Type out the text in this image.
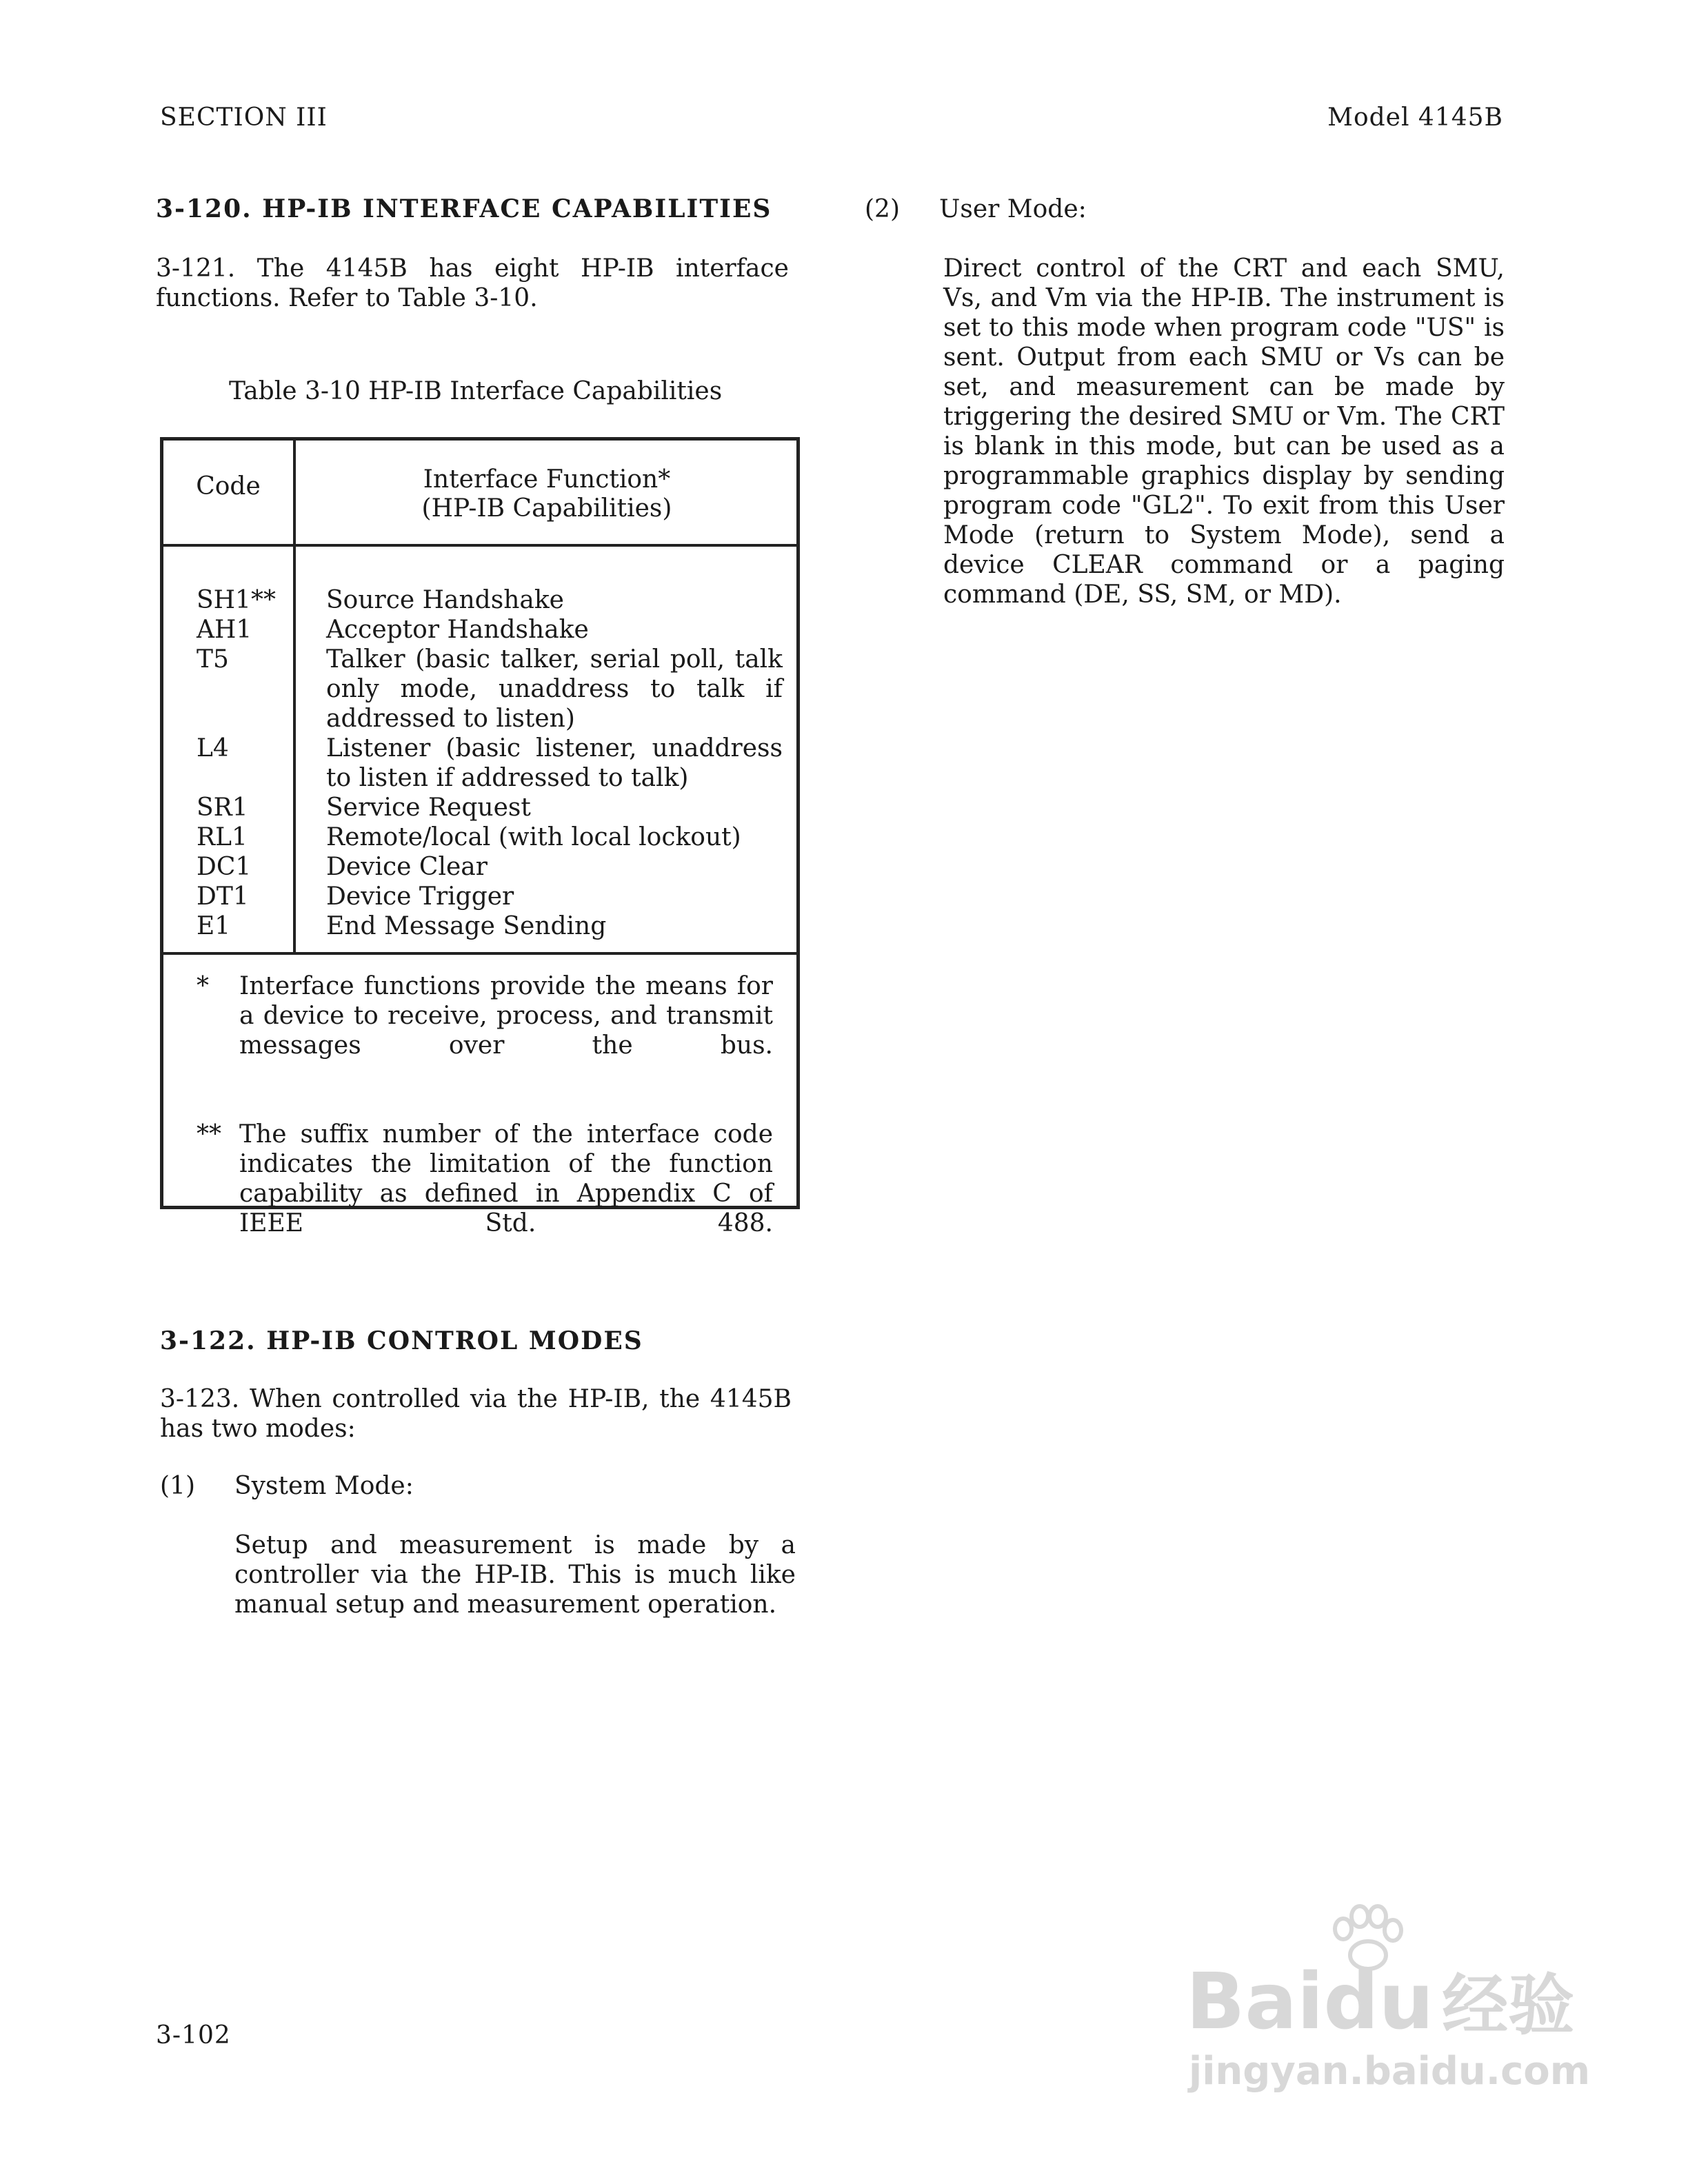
SECTION III	Model 4145B
3-120. HP-IB INTERFACE CAPABILITIES
3-121. The 4145B has eight HP-IB interface functions. Refer to Table 3-10.
Table 3-10 HP-IB Interface Capabilities
Code	Interface Function*
(HP-IB Capabilities)
SH1**	Source Handshake
AH1	Acceptor Handshake
T5	Talker (basic talker, serial poll, talk only mode, unaddress to talk if addressed to listen)
L4	Listener (basic listener, unaddress to listen if addressed to talk)
SR1	Service Request
RL1	Remote/local (with local lockout)
DC1	Device Clear
DT1	Device Trigger
E1	End Message Sending
*	Interface functions provide the means for a device to receive, process, and transmit messages over the bus.
** The suffix number of the interface code indicates the limitation of the function capability as defined in Appendix C of IEEE Std. 488.
3-122. HP-IB CONTROL MODES
3-123. When controlled via the HP-IB, the 4145B has two modes:
(1) System Mode:
Setup and measurement is made by a controller via the HP-IB. This is much like manual setup and measurement operation.
(2) User Mode:
Direct control of the CRT and each SMU, Vs, and Vm via the HP-IB. The instrument is set to this mode when program code "US" is sent. Output from each SMU or Vs can be set, and measurement can be made by triggering the desired SMU or Vm. The CRT is blank in this mode, but can be used as a programmable graphics display by sending program code "GL2". To exit from this User Mode (return to System Mode), send a device CLEAR command or a paging command (DE, SS, SM, or MD).
3-102	Baidu 经验
jingyan.baidu.com
